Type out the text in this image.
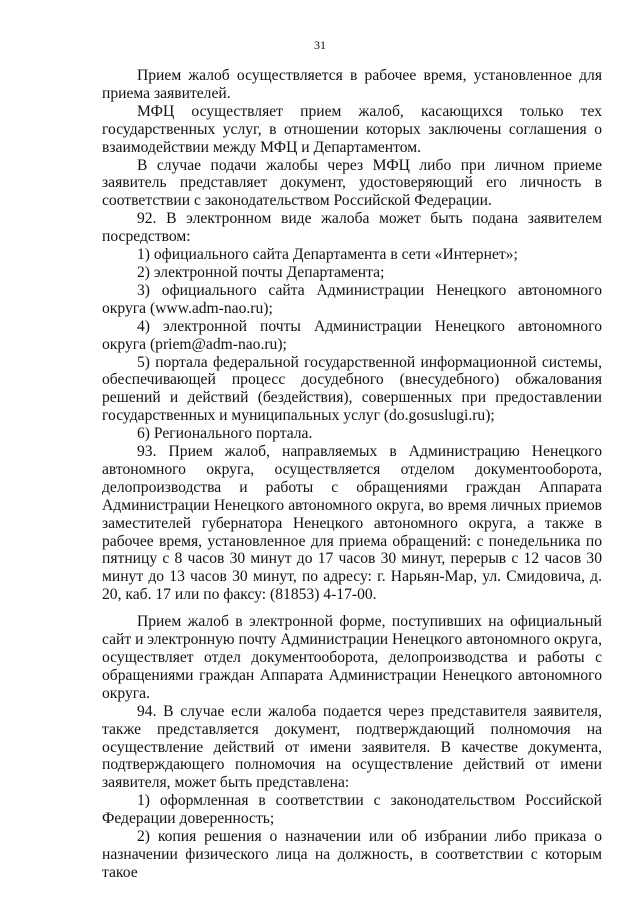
31

Прием жалоб осуществляется в рабочее время, установленное для приема заявителей.

МФЦ осуществляет прием жалоб, касающихся только тех государственных услуг, в отношении которых заключены соглашения о взаимодействии между МФЦ и Департаментом.

В случае подачи жалобы через МФЦ либо при личном приеме заявитель представляет документ, удостоверяющий его личность в соответствии с законодательством Российской Федерации.

92. В электронном виде жалоба может быть подана заявителем посредством:

1) официального сайта Департамента в сети «Интернет»;

2) электронной почты Департамента;

3) официального сайта Администрации Ненецкого автономного округа (www.adm-nao.ru);

4) электронной почты Администрации Ненецкого автономного округа (priem@adm-nao.ru);

5) портала федеральной государственной информационной системы, обеспечивающей процесс досудебного (внесудебного) обжалования решений и действий (бездействия), совершенных при предоставлении государственных и муниципальных услуг (do.gosuslugi.ru);

6) Регионального портала.

93. Прием жалоб, направляемых в Администрацию Ненецкого автономного округа, осуществляется отделом документооборота, делопроизводства и работы с обращениями граждан Аппарата Администрации Ненецкого автономного округа, во время личных приемов заместителей губернатора Ненецкого автономного округа, а также в рабочее время, установленное для приема обращений: с понедельника по пятницу с 8 часов 30 минут до 17 часов 30 минут, перерыв с 12 часов 30 минут до 13 часов 30 минут, по адресу: г. Нарьян-Мар, ул. Смидовича, д. 20, каб. 17 или по факсу: (81853) 4-17-00.

Прием жалоб в электронной форме, поступивших на официальный сайт и электронную почту Администрации Ненецкого автономного округа, осуществляет отдел документооборота, делопроизводства и работы с обращениями граждан Аппарата Администрации Ненецкого автономного округа.

94. В случае если жалоба подается через представителя заявителя, также представляется документ, подтверждающий полномочия на осуществление действий от имени заявителя. В качестве документа, подтверждающего полномочия на осуществление действий от имени заявителя, может быть представлена:

1) оформленная в соответствии с законодательством Российской Федерации доверенность;

2) копия решения о назначении или об избрании либо приказа о назначении физического лица на должность, в соответствии с которым такое
